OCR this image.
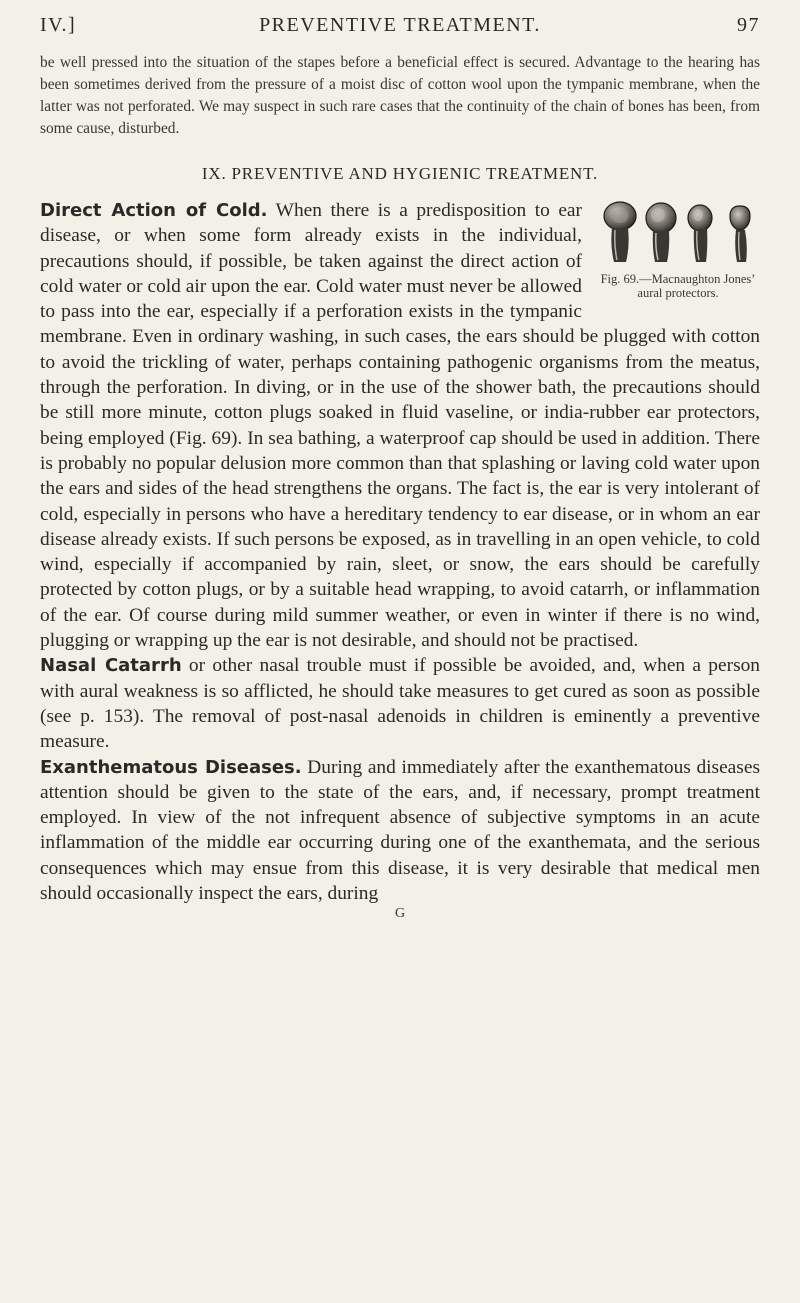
IV.]	PREVENTIVE TREATMENT.	97

be well pressed into the situation of the stapes before a beneficial effect is secured. Advantage to the hearing has been sometimes derived from the pressure of a moist disc of cotton wool upon the tympanic membrane, when the latter was not perforated. We may suspect in such rare cases that the continuity of the chain of bones has been, from some cause, disturbed.

IX. PREVENTIVE AND HYGIENIC TREATMENT.

Direct Action of Cold.
Fig. 69.—Macnaughton Jones’ aural protectors.
When there is a predisposition to ear disease, or when some form already exists in the individual, precautions should, if possible, be taken against the direct action of cold water or cold air upon the ear. Cold water must never be allowed to pass into the ear, especially if a perforation exists in the tympanic membrane. Even in ordinary washing, in such cases, the ears should be plugged with cotton to avoid the trickling of water, perhaps containing pathogenic organisms from the meatus, through the perforation. In diving, or in the use of the shower bath, the precautions should be still more minute, cotton plugs soaked in fluid vaseline, or india-rubber ear protectors, being employed (Fig. 69). In sea bathing, a waterproof cap should be used in addition. There is probably no popular delusion more common than that splashing or laving cold water upon the ears and sides of the head strengthens the organs. The fact is, the ear is very intolerant of cold, especially in persons who have a hereditary tendency to ear disease, or in whom an ear disease already exists. If such persons be exposed, as in travelling in an open vehicle, to cold wind, especially if accompanied by rain, sleet, or snow, the ears should be carefully protected by cotton plugs, or by a suitable head wrapping, to avoid catarrh, or inflammation of the ear. Of course during mild summer weather, or even in winter if there is no wind, plugging or wrapping up the ear is not desirable, and should not be practised.

Nasal Catarrh or other nasal trouble must if possible be avoided, and, when a person with aural weakness is so afflicted, he should take measures to get cured as soon as possible (see p. 153). The removal of post-nasal adenoids in children is eminently a preventive measure.

Exanthematous Diseases. During and immediately after the exanthematous diseases attention should be given to the state of the ears, and, if necessary, prompt treatment employed. In view of the not infrequent absence of subjective symptoms in an acute inflammation of the middle ear occurring during one of the exanthemata, and the serious consequences which may ensue from this disease, it is very desirable that medical men should occasionally inspect the ears, during

G
